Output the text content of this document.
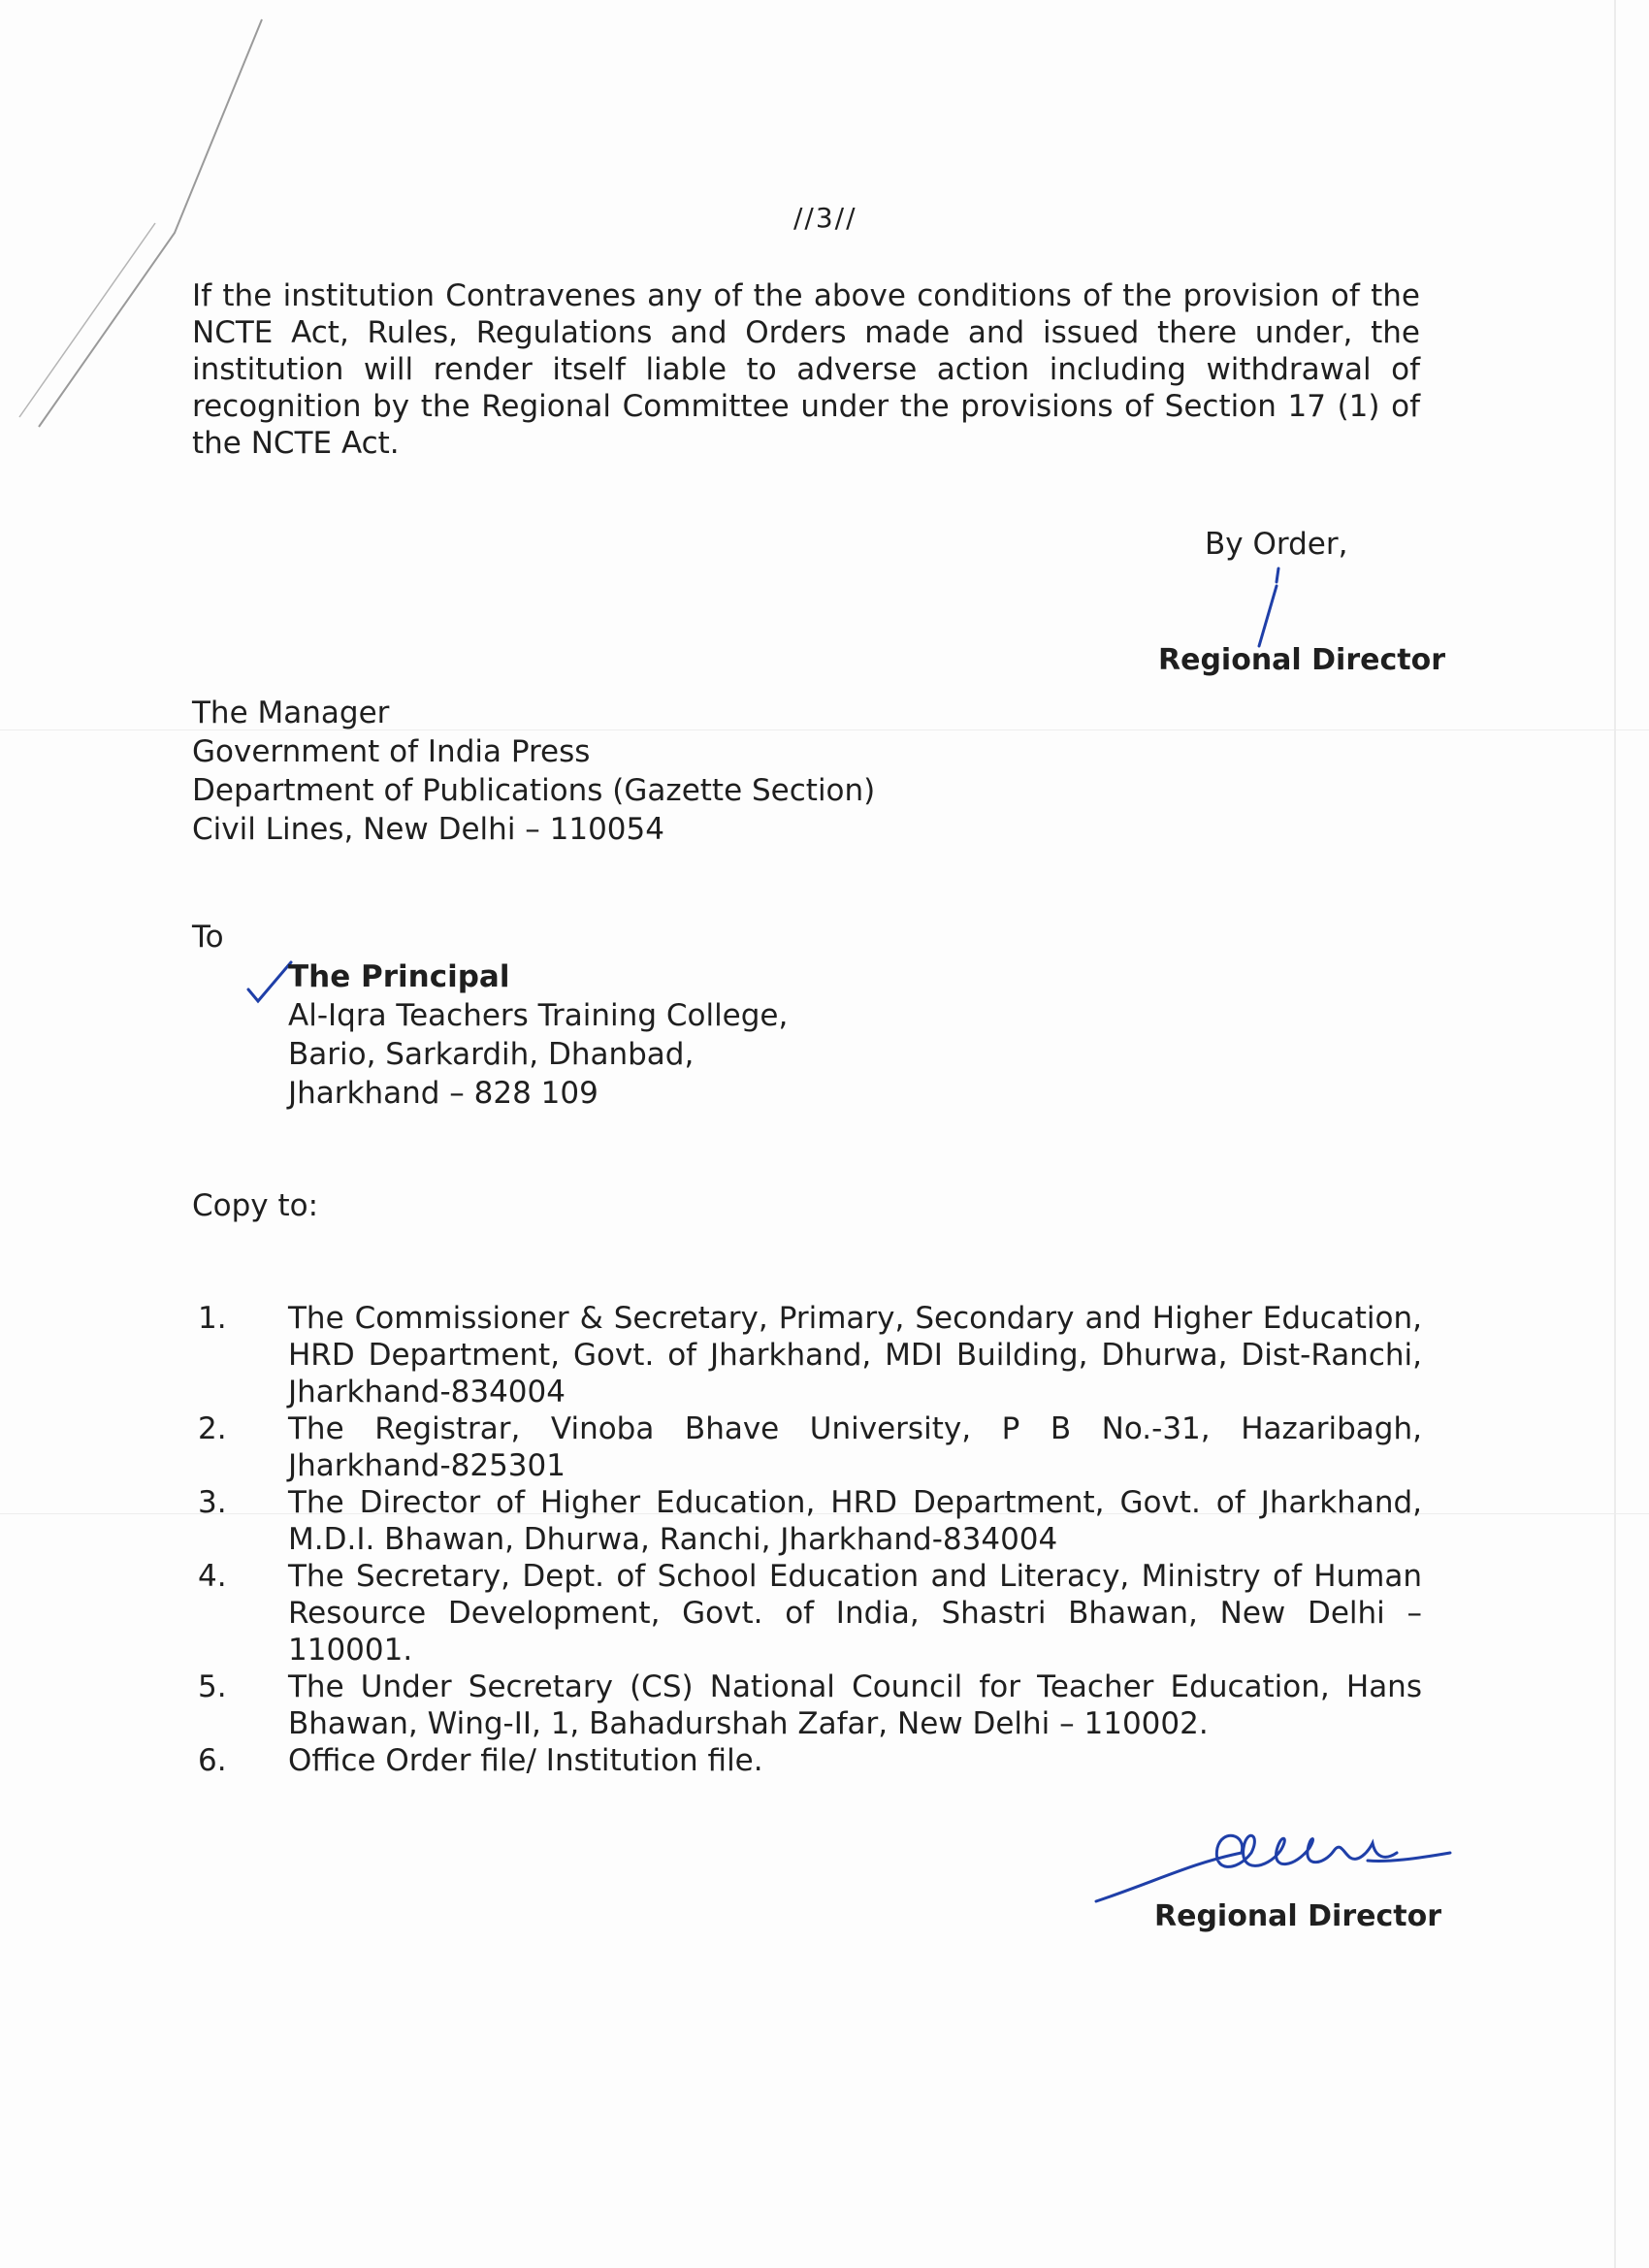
//3//
If the institution Contravenes any of the above conditions of the provision of the NCTE Act, Rules, Regulations and Orders made and issued there under, the institution will render itself liable to adverse action including withdrawal of recognition by the Regional Committee under the provisions of Section 17 (1) of the NCTE Act.
By Order,
Regional Director
The Manager
Government of India Press
Department of Publications (Gazette Section)
Civil Lines, New Delhi – 110054
To
The Principal
Al-Iqra Teachers Training College,
Bario, Sarkardih, Dhanbad,
Jharkhand – 828 109
Copy to:
1.	The Commissioner & Secretary, Primary, Secondary and Higher Education, HRD Department, Govt. of Jharkhand, MDI Building, Dhurwa, Dist-Ranchi, Jharkhand-834004
2.	The Registrar, Vinoba Bhave University, P B No.-31, Hazaribagh, Jharkhand-825301
3.	The Director of Higher Education, HRD Department, Govt. of Jharkhand, M.D.I. Bhawan, Dhurwa, Ranchi, Jharkhand-834004
4.	The Secretary, Dept. of School Education and Literacy, Ministry of Human Resource Development, Govt. of India, Shastri Bhawan, New Delhi – 110001.
5.	The Under Secretary (CS) National Council for Teacher Education, Hans Bhawan, Wing-II, 1, Bahadurshah Zafar, New Delhi – 110002.
6.	Office Order file/ Institution file.
Regional Director
